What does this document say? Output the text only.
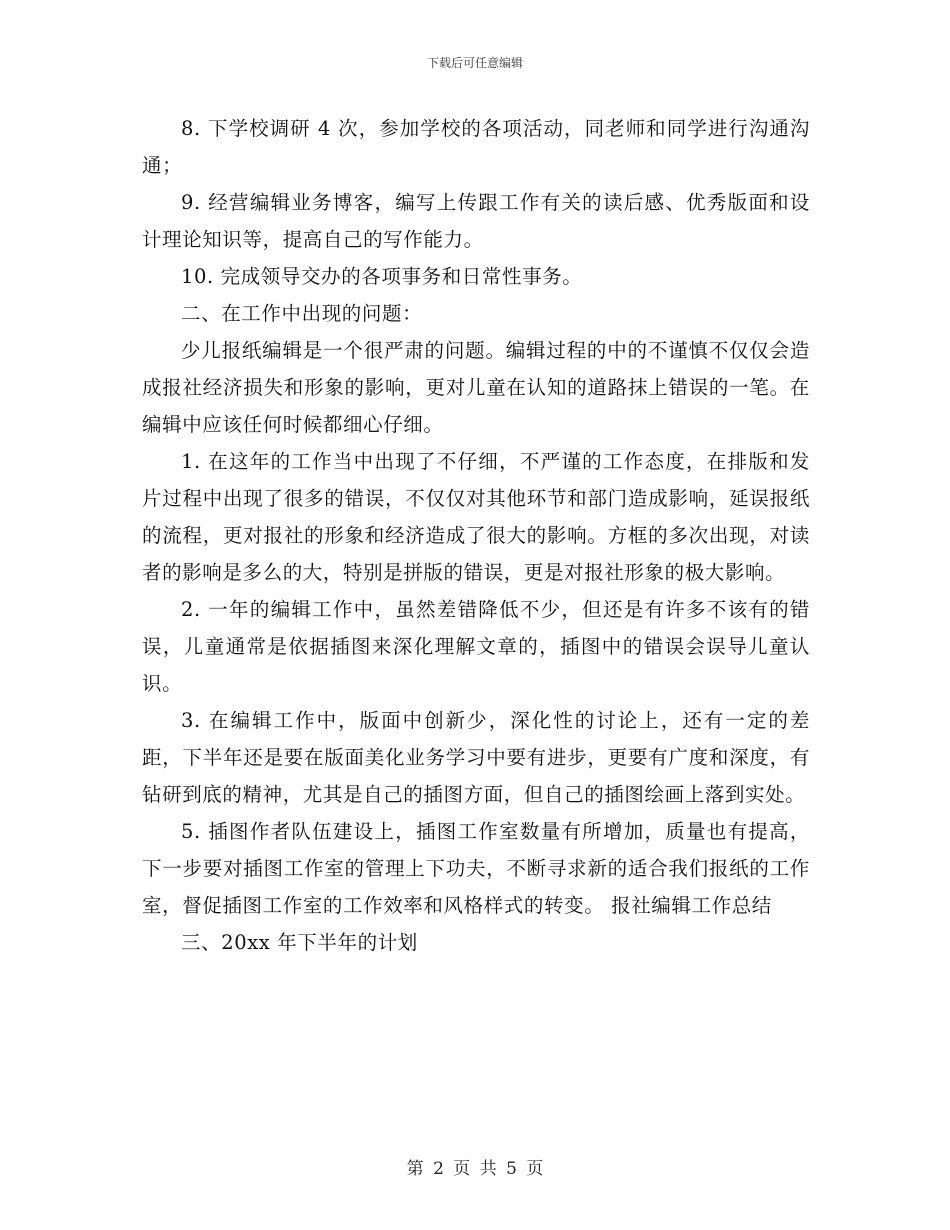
下载后可任意编辑

8. 下学校调研 4 次，参加学校的各项活动，同老师和同学进行沟通沟通；

9. 经营编辑业务博客，编写上传跟工作有关的读后感、优秀版面和设计理论知识等，提高自己的写作能力。

10. 完成领导交办的各项事务和日常性事务。

二、在工作中出现的问题：

少儿报纸编辑是一个很严肃的问题。编辑过程的中的不谨慎不仅仅会造成报社经济损失和形象的影响，更对儿童在认知的道路抹上错误的一笔。在编辑中应该任何时候都细心仔细。

1. 在这年的工作当中出现了不仔细，不严谨的工作态度，在排版和发片过程中出现了很多的错误，不仅仅对其他环节和部门造成影响，延误报纸的流程，更对报社的形象和经济造成了很大的影响。方框的多次出现，对读者的影响是多么的大，特别是拼版的错误，更是对报社形象的极大影响。

2. 一年的编辑工作中，虽然差错降低不少，但还是有许多不该有的错误，儿童通常是依据插图来深化理解文章的，插图中的错误会误导儿童认识。

3. 在编辑工作中，版面中创新少，深化性的讨论上，还有一定的差距，下半年还是要在版面美化业务学习中要有进步，更要有广度和深度，有钻研到底的精神，尤其是自己的插图方面，但自己的插图绘画上落到实处。

5. 插图作者队伍建设上，插图工作室数量有所增加，质量也有提高，下一步要对插图工作室的管理上下功夫，不断寻求新的适合我们报纸的工作室，督促插图工作室的工作效率和风格样式的转变。 报社编辑工作总结

三、20xx 年下半年的计划

第 2 页 共 5 页
